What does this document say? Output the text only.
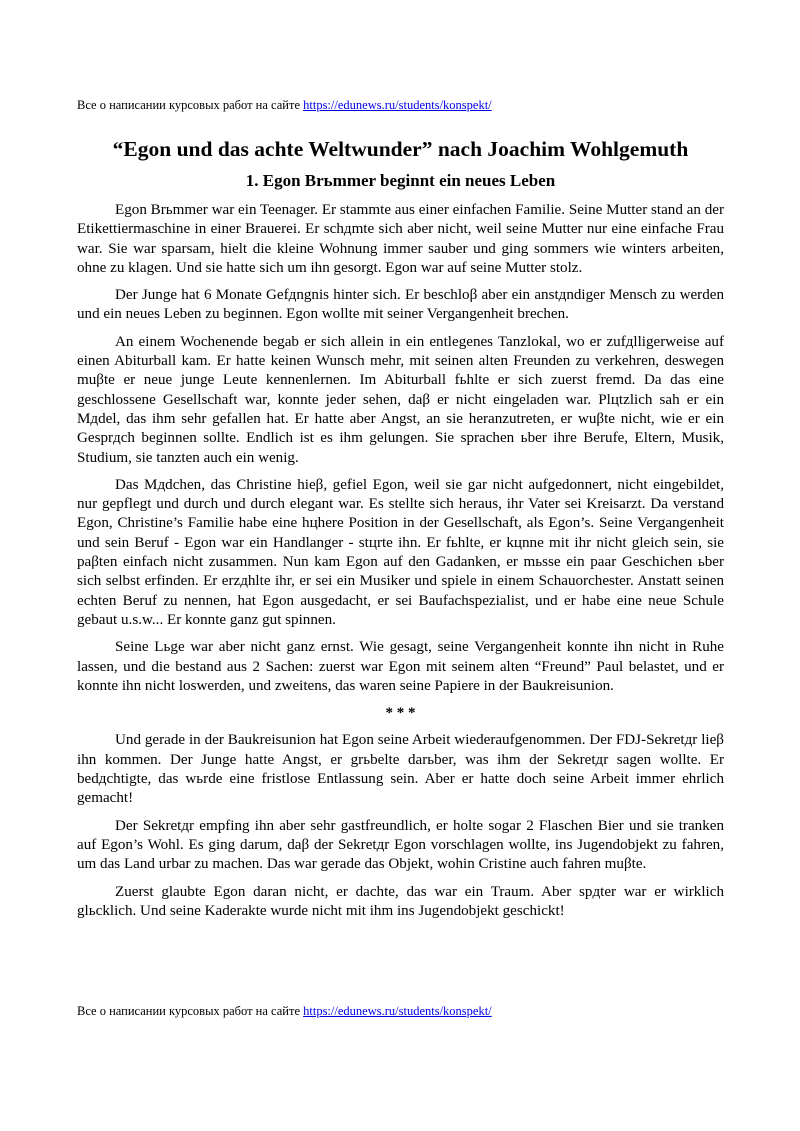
Все о написании курсовых работ на сайте https://edunews.ru/students/konspekt/
“Egon und das achte Weltwunder” nach Joachim Wohlgemuth
1. Egon Brьmmer beginnt ein neues Leben

Egon Brьmmer war ein Teenager. Er stammte aus einer einfachen Familie. Seine Mutter stand an der Etikettiermaschine in einer Brauerei. Er schдmte sich aber nicht, weil seine Mutter nur eine einfache Frau war. Sie war sparsam, hielt die kleine Wohnung immer sauber und ging sommers wie winters arbeiten, ohne zu klagen. Und sie hatte sich um ihn gesorgt. Egon war auf seine Mutter stolz.

Der Junge hat 6 Monate Gefдngnis hinter sich. Er beschloβ aber ein anstдndiger Mensch zu werden und ein neues Leben zu beginnen. Egon wollte mit seiner Vergangenheit brechen.

An einem Wochenende begab er sich allein in ein entlegenes Tanzlokal, wo er zufдlligerweise auf einen Abiturball kam. Er hatte keinen Wunsch mehr, mit seinen alten Freunden zu verkehren, deswegen muβte er neue junge Leute kennenlernen. Im Abiturball fьhlte er sich zuerst fremd. Da das eine geschlossene Gesellschaft war, konnte jeder sehen, daβ er nicht eingeladen war. Plцtzlich sah er ein Mдdel, das ihm sehr gefallen hat. Er hatte aber Angst, an sie heranzutreten, er wuβte nicht, wie er ein Gesprдch beginnen sollte. Endlich ist es ihm gelungen. Sie sprachen ьber ihre Berufe, Eltern, Musik, Studium, sie tanzten auch ein wenig.

Das Mдdchen, das Christine hieβ, gefiel Egon, weil sie gar nicht aufgedonnert, nicht eingebildet, nur gepflegt und durch und durch elegant war. Es stellte sich heraus, ihr Vater sei Kreisarzt. Da verstand Egon, Christine’s Familie habe eine hцhere Position in der Gesellschaft, als Egon’s. Seine Vergangenheit und sein Beruf - Egon war ein Handlanger - stцrte ihn. Er fьhlte, er kцnne mit ihr nicht gleich sein, sie paβten einfach nicht zusammen. Nun kam Egon auf den Gadanken, er mьsse ein paar Geschichen ьber sich selbst erfinden. Er erzдhlte ihr, er sei ein Musiker und spiele in einem Schauorchester. Anstatt seinen echten Beruf zu nennen, hat Egon ausgedacht, er sei Baufachspezialist, und er habe eine neue Schule gebaut u.s.w... Er konnte ganz gut spinnen.

Seine Lьge war aber nicht ganz ernst. Wie gesagt, seine Vergangenheit konnte ihn nicht in Ruhe lassen, und die bestand aus 2 Sachen: zuerst war Egon mit seinem alten “Freund” Paul belastet, und er konnte ihn nicht loswerden, und zweitens, das waren seine Papiere in der Baukreisunion.

* * *

Und gerade in der Baukreisunion hat Egon seine Arbeit wiederaufgenommen. Der FDJ-Sekretдr lieβ ihn kommen. Der Junge hatte Angst, er grьbelte darьber, was ihm der Sekretдr sagen wollte. Er bedдchtigte, das wьrde eine fristlose Entlassung sein. Aber er hatte doch seine Arbeit immer ehrlich gemacht!

Der Sekretдr empfing ihn aber sehr gastfreundlich, er holte sogar 2 Flaschen Bier und sie tranken auf Egon’s Wohl. Es ging darum, daβ der Sekretдr Egon vorschlagen wollte, ins Jugendobjekt zu fahren, um das Land urbar zu machen. Das war gerade das Objekt, wohin Cristine auch fahren muβte.

Zuerst glaubte Egon daran nicht, er dachte, das war ein Traum. Aber spдter war er wirklich glьcklich. Und seine Kaderakte wurde nicht mit ihm ins Jugendobjekt geschickt!

Все о написании курсовых работ на сайте https://edunews.ru/students/konspekt/
